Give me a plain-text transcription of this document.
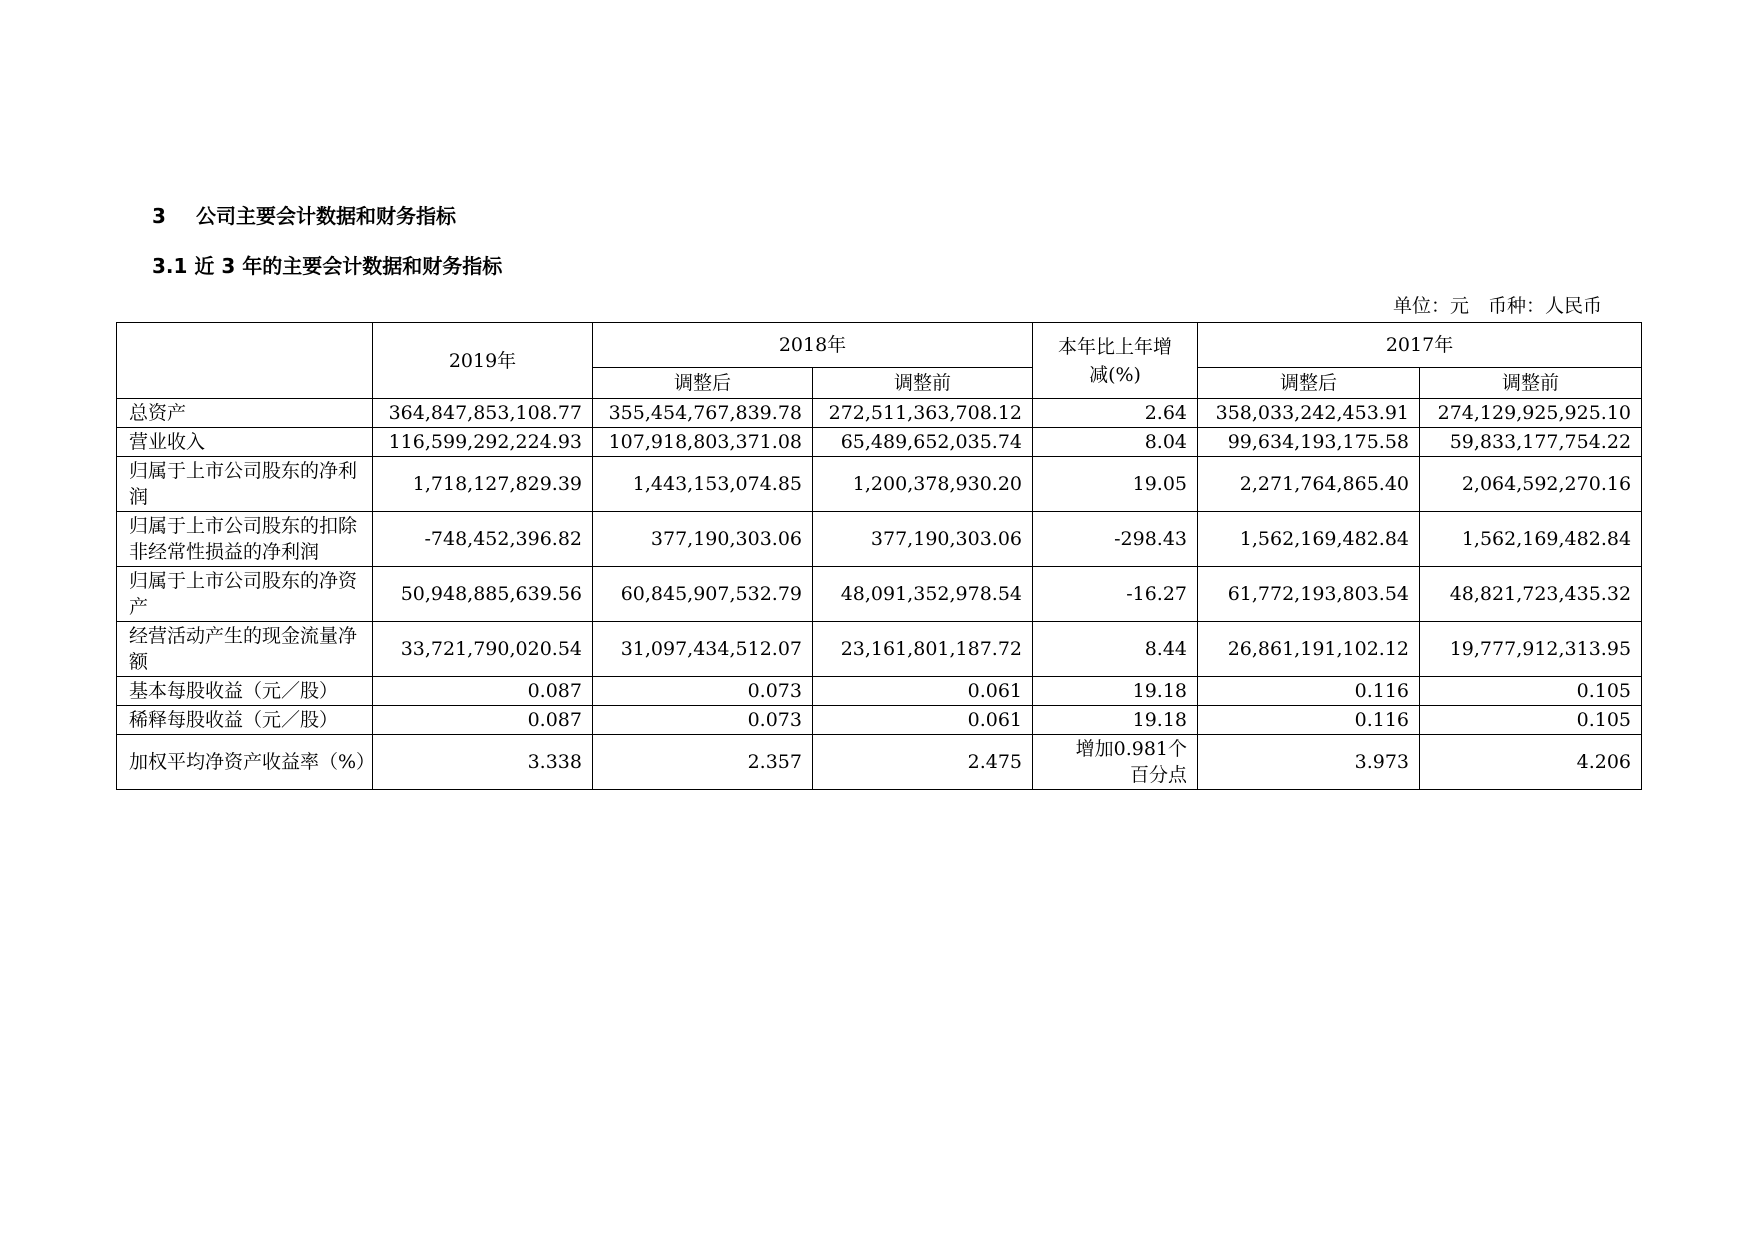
3 公司主要会计数据和财务指标
3.1 近 3 年的主要会计数据和财务指标
单位：元　币种：人民币
	2019年	2018年		本年比上年增减(%)	2017年	
		调整后	调整前		调整后	调整前
总资产	364,847,853,108.77	355,454,767,839.78	272,511,363,708.12	2.64	358,033,242,453.91	274,129,925,925.10
营业收入	116,599,292,224.93	107,918,803,371.08	65,489,652,035.74	8.04	99,634,193,175.58	59,833,177,754.22
归属于上市公司股东的净利润	1,718,127,829.39	1,443,153,074.85	1,200,378,930.20	19.05	2,271,764,865.40	2,064,592,270.16
归属于上市公司股东的扣除非经常性损益的净利润	-748,452,396.82	377,190,303.06	377,190,303.06	-298.43	1,562,169,482.84	1,562,169,482.84
归属于上市公司股东的净资产	50,948,885,639.56	60,845,907,532.79	48,091,352,978.54	-16.27	61,772,193,803.54	48,821,723,435.32
经营活动产生的现金流量净额	33,721,790,020.54	31,097,434,512.07	23,161,801,187.72	8.44	26,861,191,102.12	19,777,912,313.95
基本每股收益（元／股）	0.087	0.073	0.061	19.18	0.116	0.105
稀释每股收益（元／股）	0.087	0.073	0.061	19.18	0.116	0.105
加权平均净资产收益率（%）	3.338	2.357	2.475	增加0.981个百分点	3.973	4.206
